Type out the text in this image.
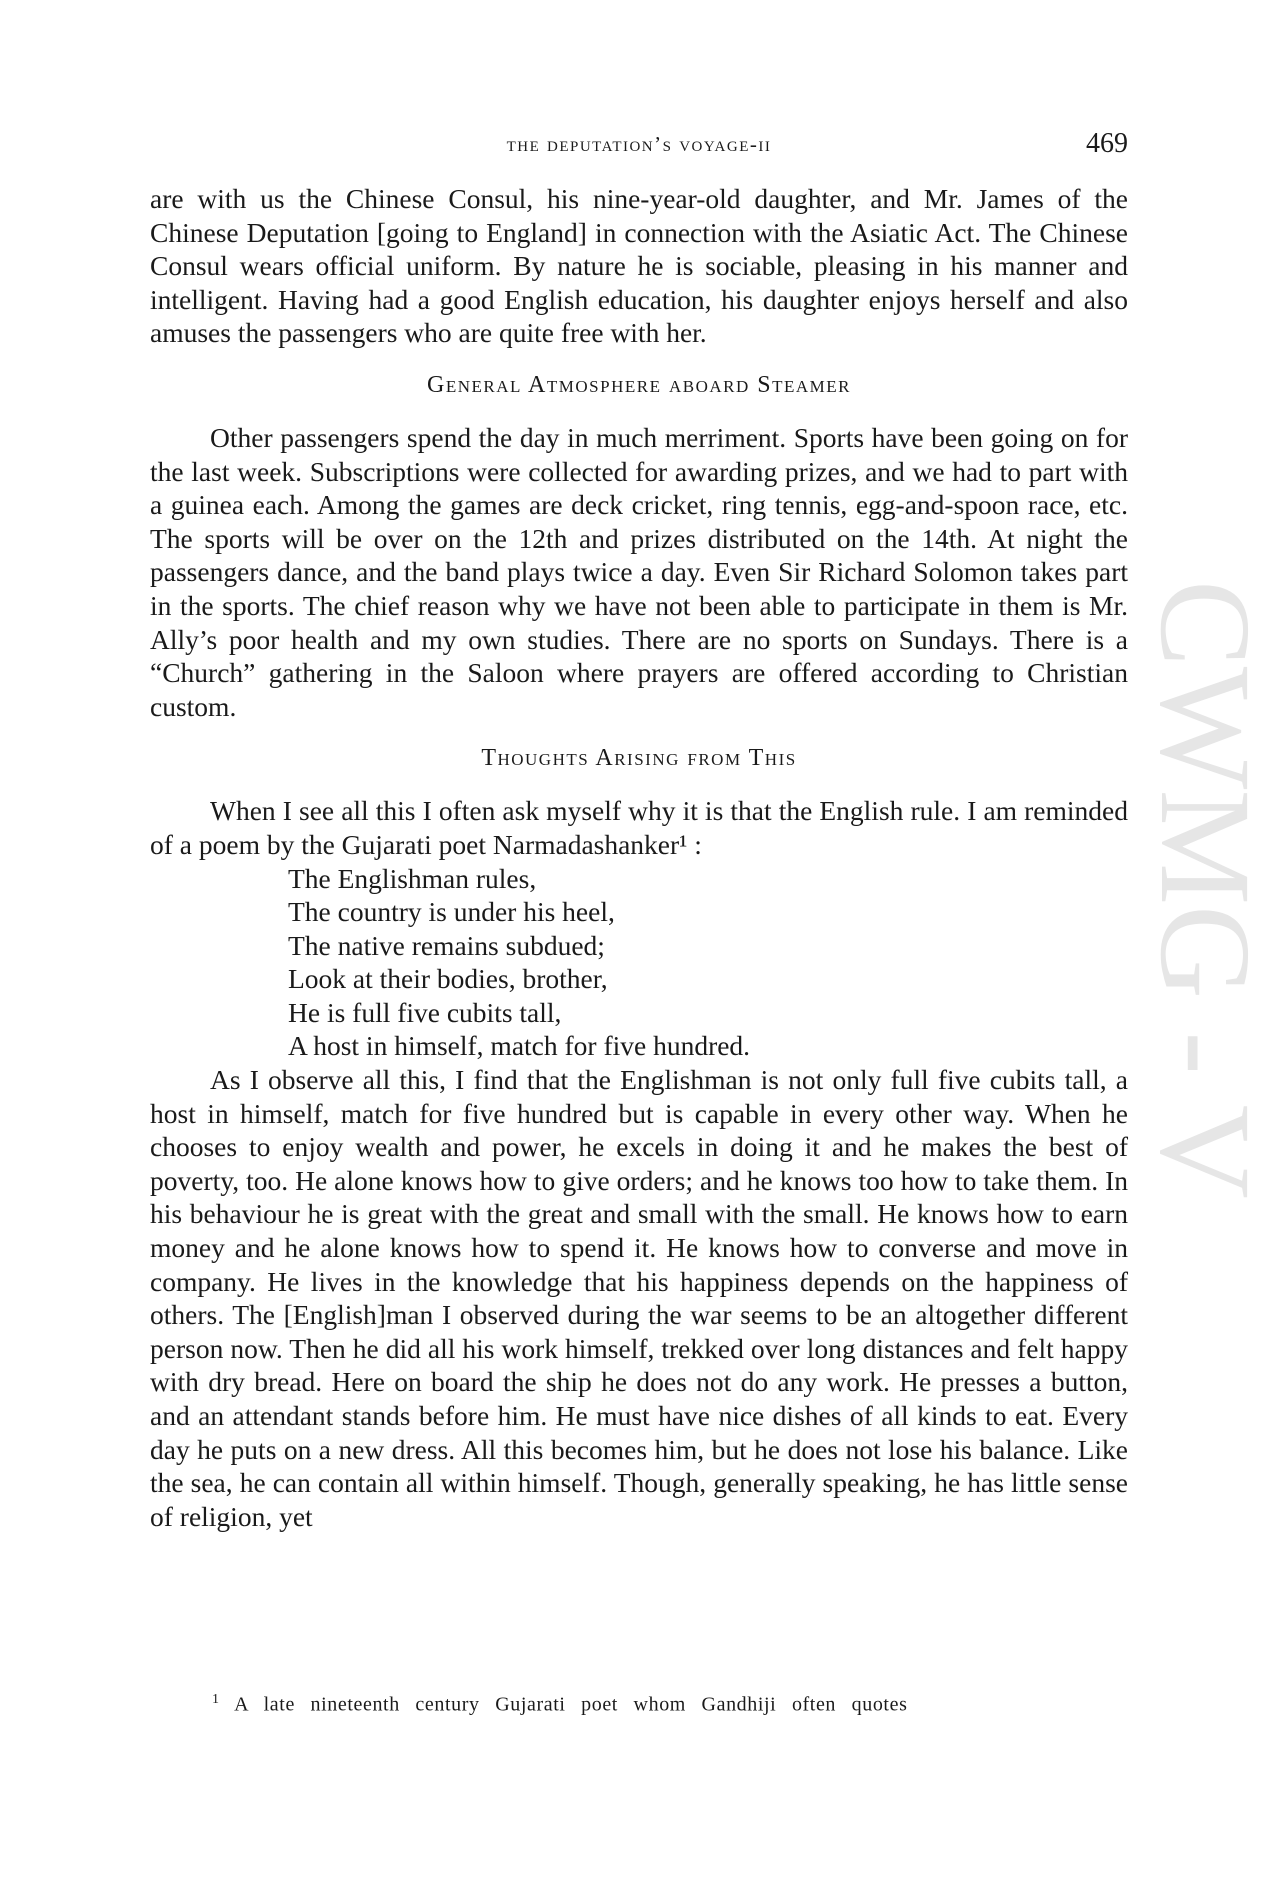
CWMG - V
the deputation’s voyage-ii	469

are with us the Chinese Consul, his nine-year-old daughter, and Mr. James of the Chinese Deputation [going to England] in connection with the Asiatic Act. The Chinese Consul wears official uniform. By nature he is sociable, pleasing in his manner and intelligent. Having had a good English education, his daughter enjoys herself and also amuses the passengers who are quite free with her.

General Atmosphere aboard Steamer

Other passengers spend the day in much merriment. Sports have been going on for the last week. Subscriptions were collected for awarding prizes, and we had to part with a guinea each. Among the games are deck cricket, ring tennis, egg-and-spoon race, etc. The sports will be over on the 12th and prizes distributed on the 14th. At night the passengers dance, and the band plays twice a day. Even Sir Richard Solomon takes part in the sports. The chief reason why we have not been able to participate in them is Mr. Ally’s poor health and my own studies. There are no sports on Sundays. There is a “Church” gathering in the Saloon where prayers are offered according to Christian custom.

Thoughts Arising from This

When I see all this I often ask myself why it is that the English rule. I am reminded of a poem by the Gujarati poet Narmadashanker¹ :

The Englishman rules,
The country is under his heel,
The native remains subdued;
Look at their bodies, brother,
He is full five cubits tall,
A host in himself, match for five hundred.

As I observe all this, I find that the Englishman is not only full five cubits tall, a host in himself, match for five hundred but is capable in every other way. When he chooses to enjoy wealth and power, he excels in doing it and he makes the best of poverty, too. He alone knows how to give orders; and he knows too how to take them. In his behaviour he is great with the great and small with the small. He knows how to earn money and he alone knows how to spend it. He knows how to converse and move in company. He lives in the knowledge that his happiness depends on the happiness of others. The [English]man I observed during the war seems to be an altogether different person now. Then he did all his work himself, trekked over long distances and felt happy with dry bread. Here on board the ship he does not do any work. He presses a button, and an attendant stands before him. He must have nice dishes of all kinds to eat. Every day he puts on a new dress. All this becomes him, but he does not lose his balance. Like the sea, he can contain all within himself. Though, generally speaking, he has little sense of religion, yet

$^1$ A late nineteenth century Gujarati poet whom Gandhiji often quotes
